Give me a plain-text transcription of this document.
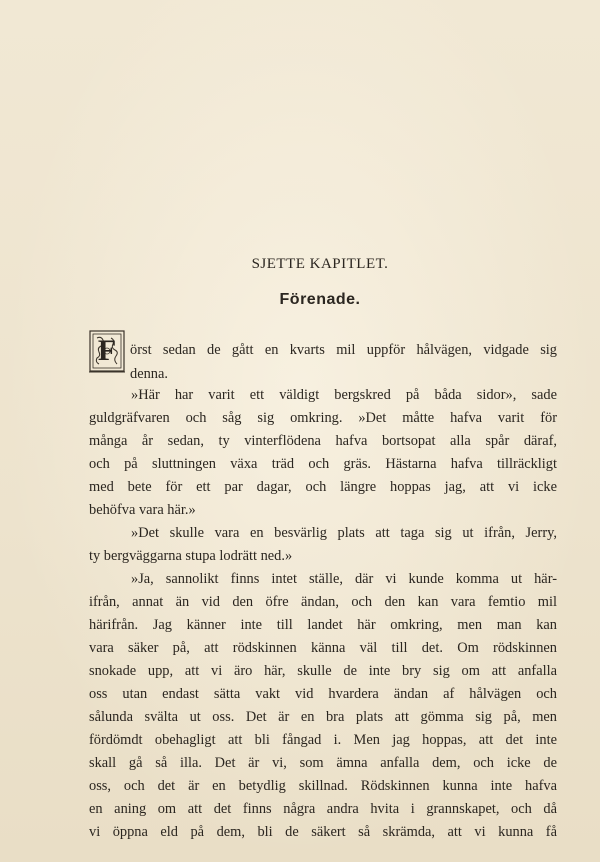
SJETTE KAPITLET.
Förenade.
F örst sedan de gått en kvarts mil uppför hålvägen, vidgade sig
denna.
»Här har varit ett väldigt bergskred på båda sidor», sade
guldgräfvaren och såg sig omkring. »Det måtte hafva varit för
många år sedan, ty vinterflödena hafva bortsopat alla spår däraf,
och på sluttningen växa träd och gräs. Hästarna hafva tillräckligt
med bete för ett par dagar, och längre hoppas jag, att vi icke
behöfva vara här.»
»Det skulle vara en besvärlig plats att taga sig ut ifrån, Jerry,
ty bergväggarna stupa lodrätt ned.»
»Ja, sannolikt finns intet ställe, där vi kunde komma ut här-
ifrån, annat än vid den öfre ändan, och den kan vara femtio mil
härifrån. Jag känner inte till landet här omkring, men man kan
vara säker på, att rödskinnen känna väl till det. Om rödskinnen
snokade upp, att vi äro här, skulle de inte bry sig om att anfalla
oss utan endast sätta vakt vid hvardera ändan af hålvägen och
sålunda svälta ut oss. Det är en bra plats att gömma sig på, men
fördömdt obehagligt att bli fångad i. Men jag hoppas, att det inte
skall gå så illa. Det är vi, som ämna anfalla dem, och icke de
oss, och det är en betydlig skillnad. Rödskinnen kunna inte hafva
en aning om att det finns några andra hvita i grannskapet, och då
vi öppna eld på dem, bli de säkert så skrämda, att vi kunna få
